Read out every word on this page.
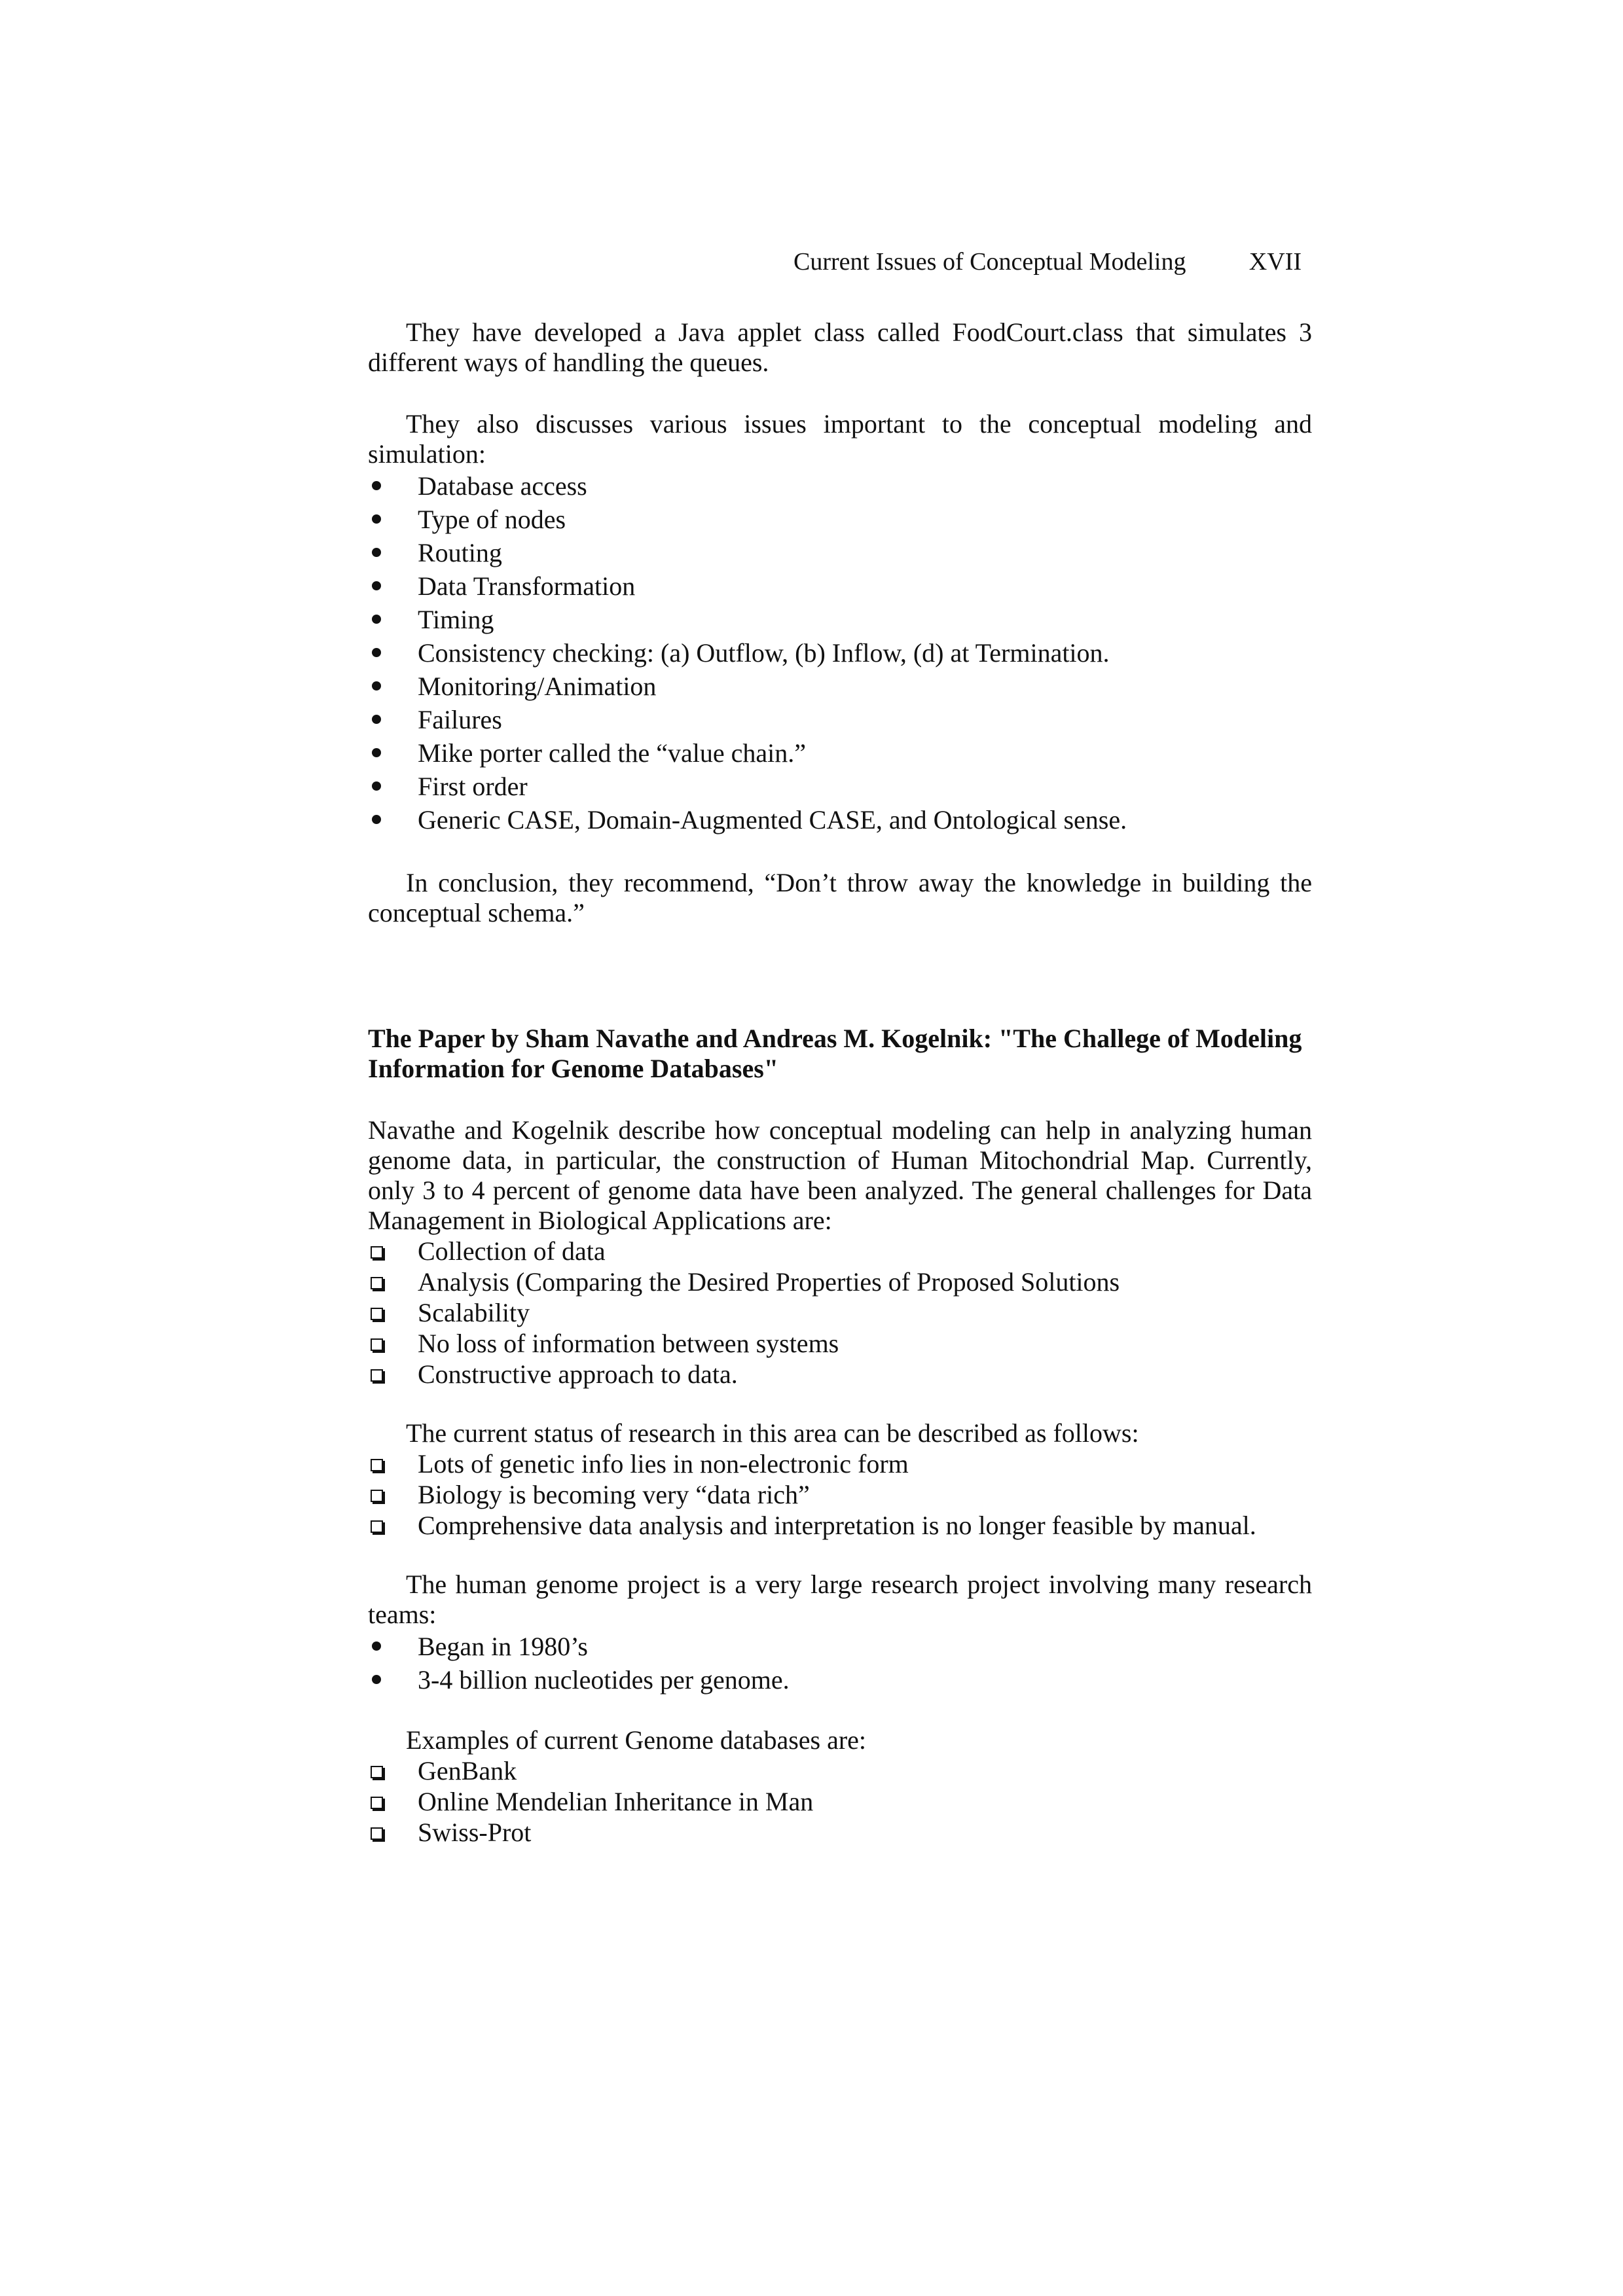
Current Issues of Conceptual Modeling	XVII

They have developed a Java applet class called FoodCourt.class that simulates 3 different ways of handling the queues.

They also discusses various issues important to the conceptual modeling and simulation:

Database access
Type of nodes
Routing
Data Transformation
Timing
Consistency checking: (a) Outflow, (b) Inflow, (d) at Termination.
Monitoring/Animation
Failures
Mike porter called the “value chain.”
First order
Generic CASE, Domain-Augmented CASE, and Ontological sense.

In conclusion, they recommend, “Don’t throw away the knowledge in building the conceptual schema.”

The Paper by Sham Navathe and Andreas M. Kogelnik: "The Challege of Modeling Information for Genome Databases"

Navathe and Kogelnik describe how conceptual modeling can help in analyzing human genome data, in particular, the construction of Human Mitochondrial Map. Currently, only 3 to 4 percent of genome data have been analyzed. The general challenges for Data Management in Biological Applications are:

Collection of data
Analysis (Comparing the Desired Properties of Proposed Solutions
Scalability
No loss of information between systems
Constructive approach to data.

The current status of research in this area can be described as follows:

Lots of genetic info lies in non-electronic form
Biology is becoming very “data rich”
Comprehensive data analysis and interpretation is no longer feasible by manual.

The human genome project is a very large research project involving many research teams:

Began in 1980’s
3-4 billion nucleotides per genome.

Examples of current Genome databases are:

GenBank
Online Mendelian Inheritance in Man
Swiss-Prot
